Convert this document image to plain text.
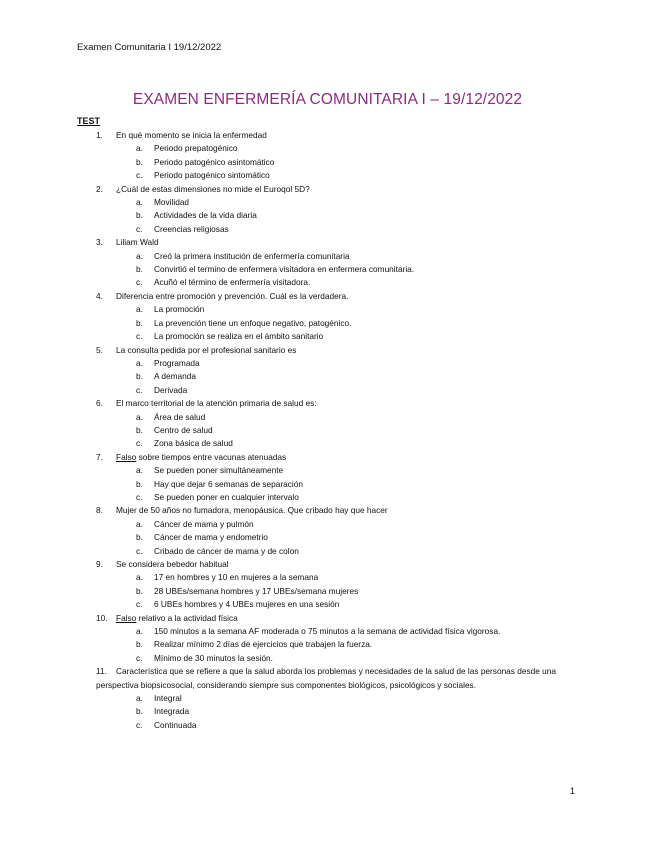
Examen Comunitaria I 19/12/2022
EXAMEN ENFERMERÍA COMUNITARIA I – 19/12/2022
TEST
1.	En qué momento se inicia la enfermedad
a. Periodo prepatogénico
b. Periodo patogénico asintomático
c. Periodo patogénico sintomático
2.	¿Cuál de estas dimensiones no mide el Euroqol 5D?
a. Movilidad
b. Actividades de la vida diaria
c. Creencias religiosas
3.	Liliam Wald
a. Creó la primera institución de enfermería comunitaria
b. Convirtió el termino de enfermera visitadora en enfermera comunitaria.
c. Acuñó el término de enfermería visitadora.
4.	Diferencia entre promoción y prevención. Cuál es la verdadera.
a. La promoción
b. La prevención tiene un enfoque negativo, patogénico.
c. La promoción se realiza en el ámbito sanitario
5.	La consulta pedida por el profesional sanitario es
a. Programada
b. A demanda
c. Derivada
6.	El marco territorial de la atención primaria de salud es:
a. Área de salud
b. Centro de salud
c. Zona básica de salud
7.	Falso sobre tiempos entre vacunas atenuadas
a. Se pueden poner simultáneamente
b. Hay que dejar 6 semanas de separación
c. Se pueden poner en cualquier intervalo
8.	Mujer de 50 años no fumadora, menopáusica. Que cribado hay que hacer
a. Cáncer de mama y pulmón
b. Cáncer de mama y endometrio
c. Cribado de cáncer de mama y de colon
9.	Se considera bebedor habitual
a. 17 en hombres y 10 en mujeres a la semana
b. 28 UBEs/semana hombres y 17 UBEs/semana mujeres
c. 6 UBEs hombres y 4 UBEs mujeres en una sesión
10.	Falso relativo a la actividad física
a. 150 minutos a la semana AF moderada o 75 minutos a la semana de actividad física vigorosa.
b. Realizar mínimo 2 días de ejercicios que trabajen la fuerza.
c. Mínimo de 30 minutos la sesión.
11.	Característica que se refiere a que la salud aborda los problemas y necesidades de la salud de las personas desde una
perspectiva biopsicosocial, considerando siempre sus componentes biológicos, psicológicos y sociales.
a. Integral
b. Integrada
c. Continuada
1
